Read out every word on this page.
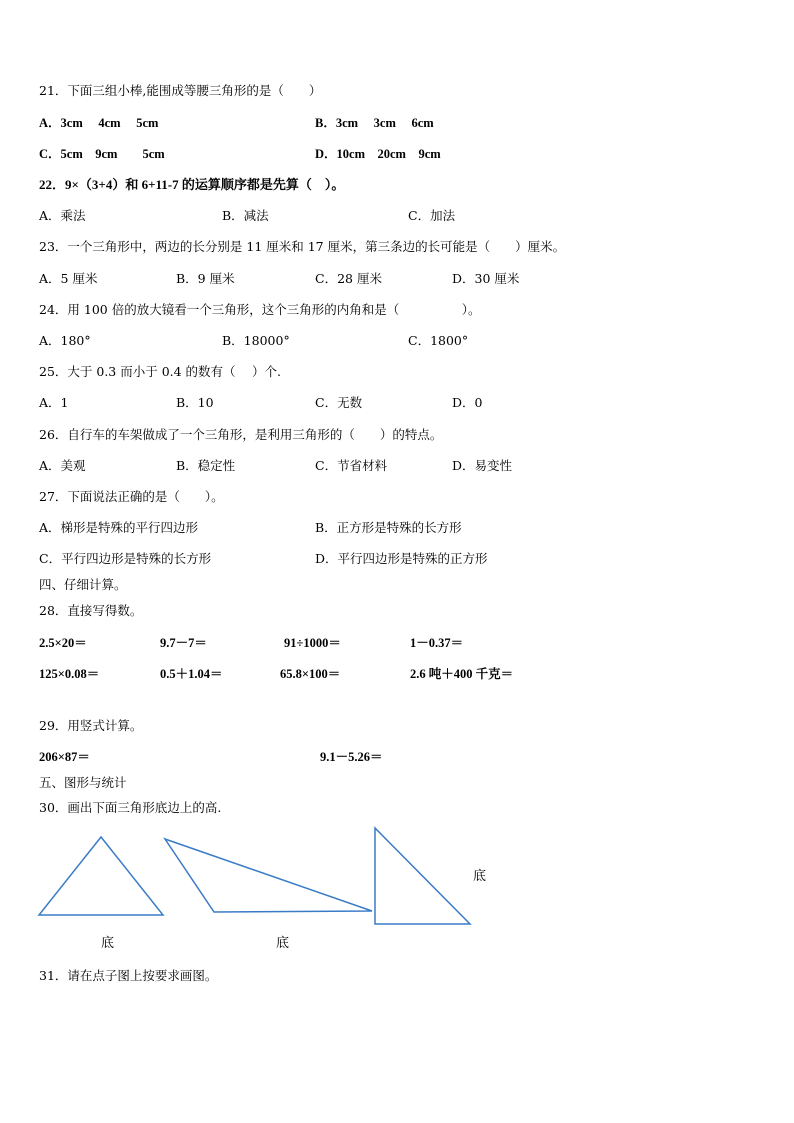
21．下面三组小棒,能围成等腰三角形的是（　　）
A．3cm　 4cm　 5cm	B．3cm　 3cm　 6cm
C．5cm　9cm　　5cm	D．10cm　20cm　9cm
22．9×（3+4）和 6+11-7 的运算顺序都是先算（　）。
A．乘法	B．减法	C．加法
23．一个三角形中，两边的长分别是 11 厘米和 17 厘米，第三条边的长可能是（　　）厘米。
A．5 厘米	B．9 厘米	C．28 厘米	D．30 厘米
24．用 100 倍的放大镜看一个三角形，这个三角形的内角和是（　　　　　）。
A．180°	B．18000°	C．1800°
25．大于 0.3 而小于 0.4 的数有（　 ）个.
A．1	B．10	C．无数	D．0
26．自行车的车架做成了一个三角形，是利用三角形的（　　）的特点。
A．美观	B．稳定性	C．节省材料	D．易变性
27．下面说法正确的是（　　）。
A．梯形是特殊的平行四边形	B．正方形是特殊的长方形
C．平行四边形是特殊的长方形	D．平行四边形是特殊的正方形
四、仔细计算。
28．直接写得数。
2.5×20＝	9.7－7＝	91÷1000＝	1－0.37＝
125×0.08＝	0.5＋1.04＝	65.8×100＝	2.6 吨＋400 千克＝
29．用竖式计算。
206×87＝	9.1－5.26＝
五、图形与统计
30．画出下面三角形底边上的高.
底	底
底
31．请在点子图上按要求画图。
